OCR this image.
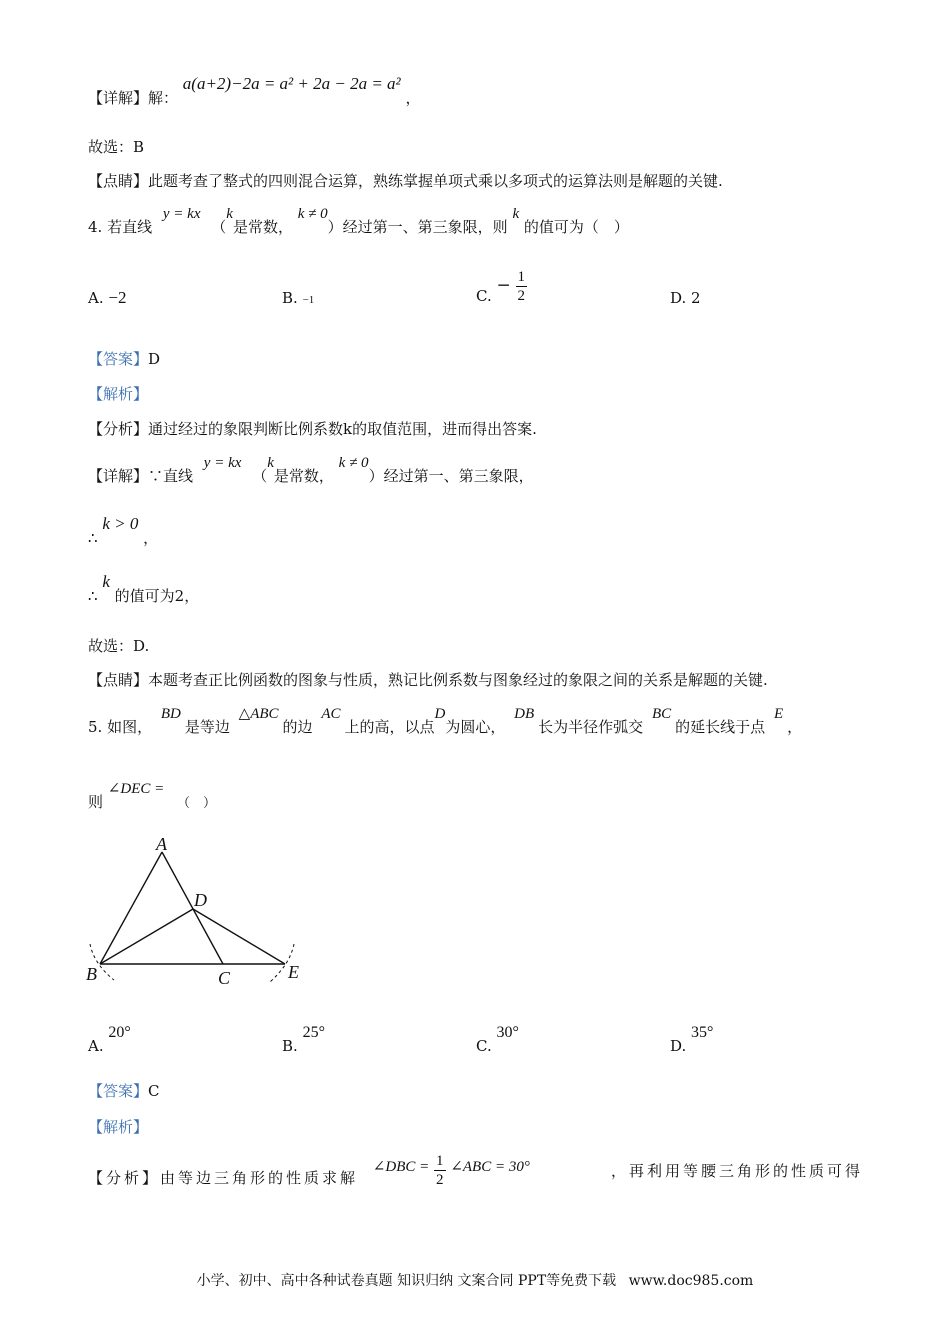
【详解】解： a(a+2)−2a = a² + 2a − 2a = a² ，
故选：B
【点睛】此题考查了整式的四则混合运算，熟练掌握单项式乘以多项式的运算法则是解题的关键.
4. 若直线 y = kx （k是常数， k ≠ 0）经过第一、第三象限，则 k 的值可为（　）
A. −2	B. −1	C. − $\frac{1}{2}$	D. 2
【答案】D
【解析】
【分析】通过经过的象限判断比例系数k的取值范围，进而得出答案.
【详解】∵直线 y = kx （k是常数， k ≠ 0）经过第一、第三象限，
∴ k > 0 ，
∴ k 的值可为2，
故选：D.
【点睛】本题考查正比例函数的图象与性质，熟记比例系数与图象经过的象限之间的关系是解题的关键.
5. 如图， BD是等边 △ABC的边 AC上的高，以点D为圆心， DB长为半径作弧交 BC的延长线于点 E，
则 ∠DEC = （　）
A
D
B	C	E
A. 20°
B. 25°
C. 30°
D. 35°
【答案】C
【解析】
【分析】由等边三角形的性质求解 ∠DBC = $\frac{1}{2}$ ∠ABC = 30°	，再利用等腰三角形的性质可得
小学、初中、高中各种试卷真题 知识归纳 文案合同 PPT等免费下载 www.doc985.com
